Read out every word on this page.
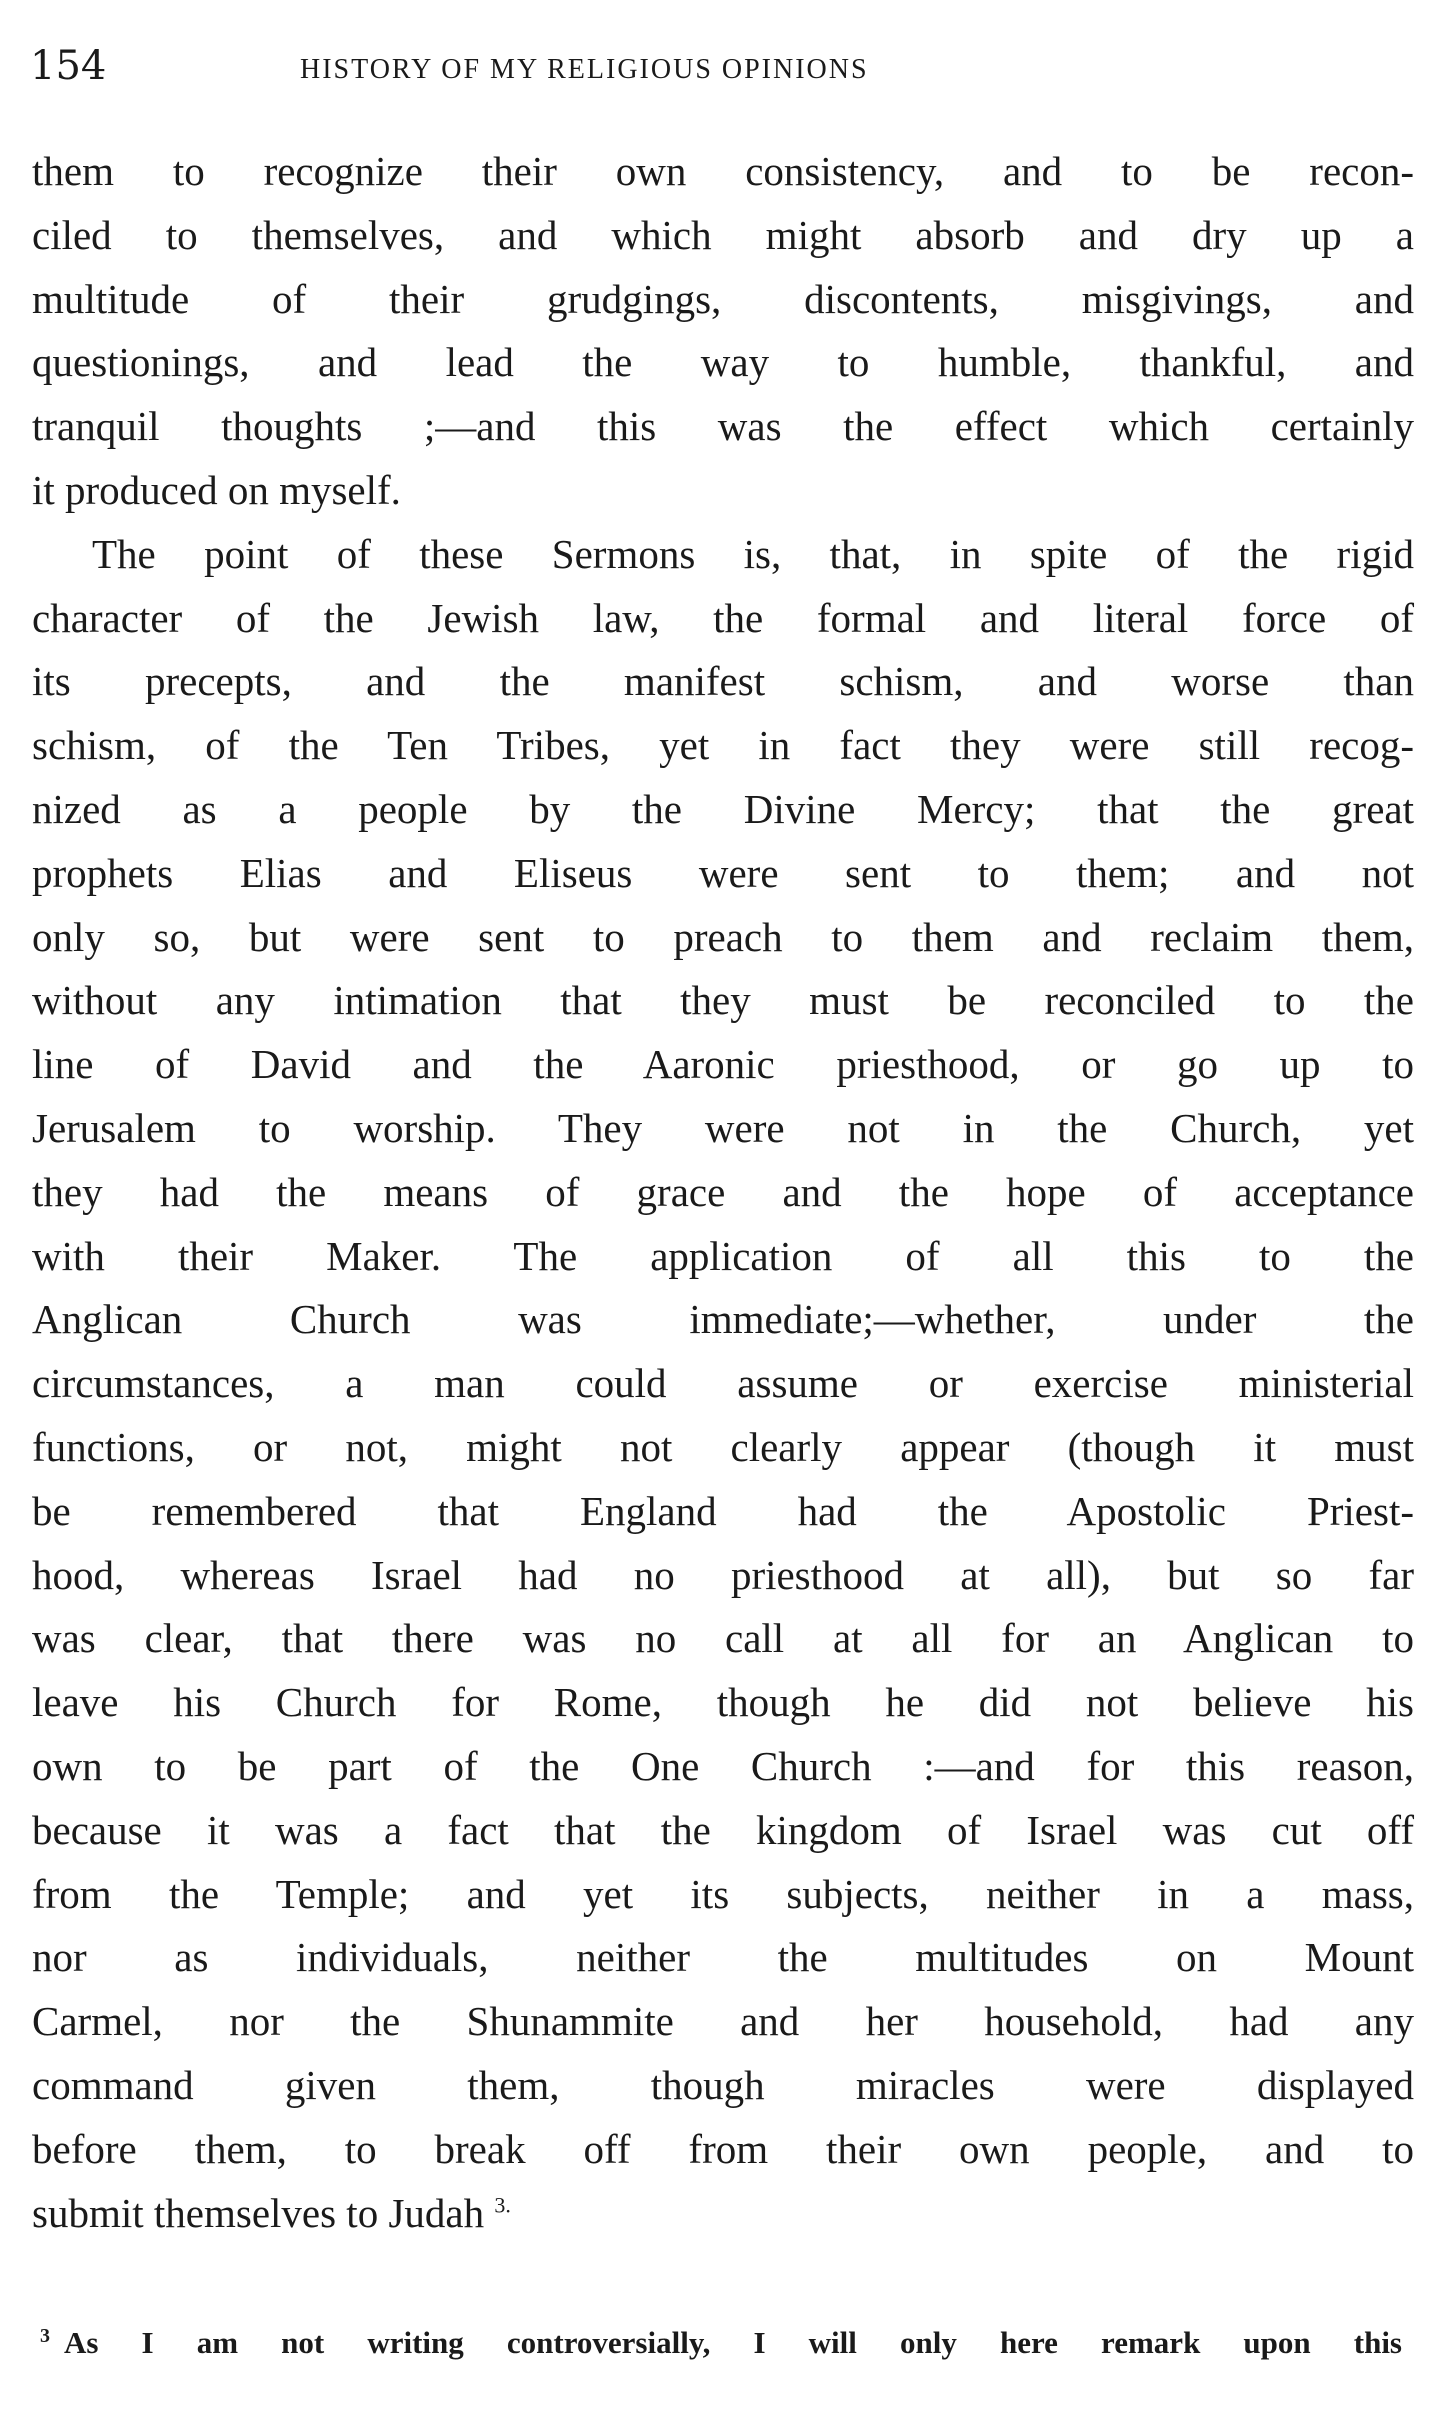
154	HISTORY OF MY RELIGIOUS OPINIONS
them to recognize their own consistency, and to be recon-
ciled to themselves, and which might absorb and dry up a
multitude of their grudgings, discontents, misgivings, and
questionings, and lead the way to humble, thankful, and
tranquil thoughts ;—and this was the effect which certainly
it produced on myself.
The point of these Sermons is, that, in spite of the rigid
character of the Jewish law, the formal and literal force of
its precepts, and the manifest schism, and worse than
schism, of the Ten Tribes, yet in fact they were still recog-
nized as a people by the Divine Mercy; that the great
prophets Elias and Eliseus were sent to them; and not
only so, but were sent to preach to them and reclaim them,
without any intimation that they must be reconciled to the
line of David and the Aaronic priesthood, or go up to
Jerusalem to worship. They were not in the Church, yet
they had the means of grace and the hope of acceptance
with their Maker. The application of all this to the
Anglican Church was immediate;—whether, under the
circumstances, a man could assume or exercise ministerial
functions, or not, might not clearly appear (though it must
be remembered that England had the Apostolic Priest-
hood, whereas Israel had no priesthood at all), but so far
was clear, that there was no call at all for an Anglican to
leave his Church for Rome, though he did not believe his
own to be part of the One Church :—and for this reason,
because it was a fact that the kingdom of Israel was cut off
from the Temple; and yet its subjects, neither in a mass,
nor as individuals, neither the multitudes on Mount
Carmel, nor the Shunammite and her household, had any
command given them, though miracles were displayed
before them, to break off from their own people, and to
submit themselves to Judah $^{3.}$
$^3$ As I am not writing controversially, I will only here remark upon this
